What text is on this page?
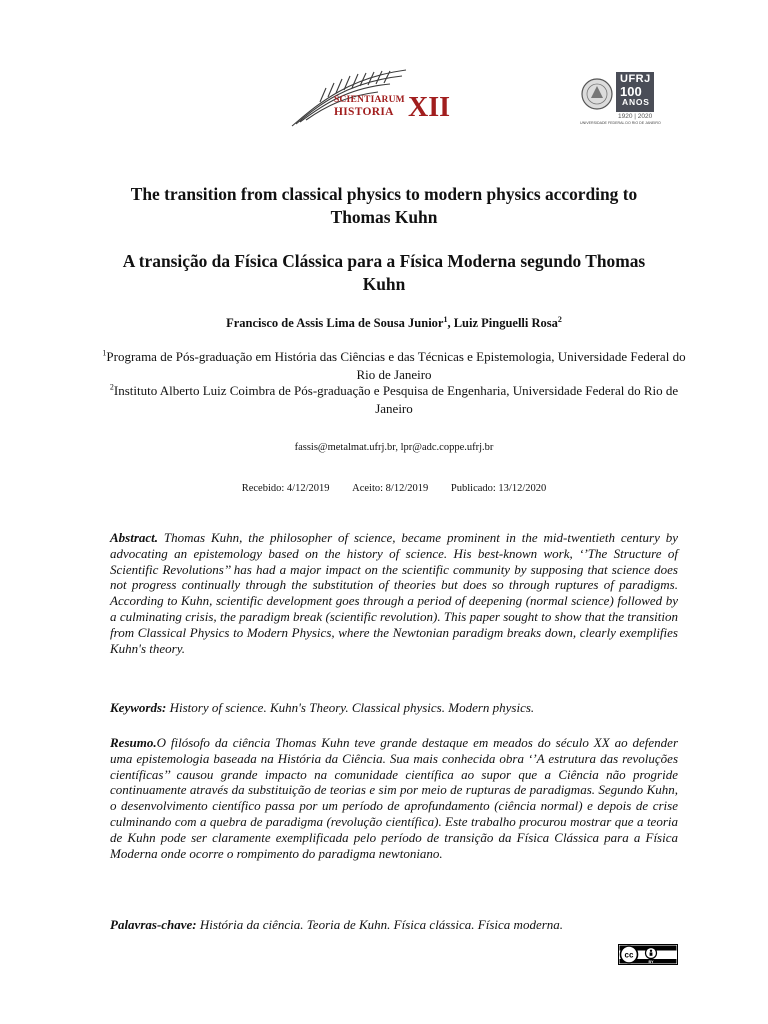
SCIENTIARUM
HISTORIA XII
UFRJ
100
ANOS
1920 | 2020
UNIVERSIDADE FEDERAL DO RIO DE JANEIRO
The transition from classical physics to modern physics according to Thomas Kuhn
A transição da Física Clássica para a Física Moderna segundo Thomas Kuhn
Francisco de Assis Lima de Sousa Junior$^1$, Luiz Pinguelli Rosa$^2$
$^1$Programa de Pós-graduação em História das Ciências e das Técnicas e Epistemologia, Universidade Federal do Rio de Janeiro
$^2$Instituto Alberto Luiz Coimbra de Pós-graduação e Pesquisa de Engenharia, Universidade Federal do Rio de Janeiro
fassis@metalmat.ufrj.br, lpr@adc.coppe.ufrj.br
Recebido: 4/12/2019 Aceito: 8/12/2019 Publicado: 13/12/2020
Abstract. Thomas Kuhn, the philosopher of science, became prominent in the mid-twentieth century by advocating an epistemology based on the history of science. His best-known work, ‘’The Structure of Scientific Revolutions’’ has had a major impact on the scientific community by supposing that science does not progress continually through the substitution of theories but does so through ruptures of paradigms. According to Kuhn, scientific development goes through a period of deepening (normal science) followed by a culminating crisis, the paradigm break (scientific revolution). This paper sought to show that the transition from Classical Physics to Modern Physics, where the Newtonian paradigm breaks down, clearly exemplifies Kuhn's theory.
Keywords: History of science. Kuhn's Theory. Classical physics. Modern physics.
Resumo.O filósofo da ciência Thomas Kuhn teve grande destaque em meados do século XX ao defender uma epistemologia baseada na História da Ciência. Sua mais conhecida obra ‘’A estrutura das revoluções científicas’’ causou grande impacto na comunidade científica ao supor que a Ciência não progride continuamente através da substituição de teorias e sim por meio de rupturas de paradigmas. Segundo Kuhn, o desenvolvimento científico passa por um período de aprofundamento (ciência normal) e depois de crise culminando com a quebra de paradigma (revolução científica). Este trabalho procurou mostrar que a teoria de Kuhn pode ser claramente exemplificada pelo período de transição da Física Clássica para a Física Moderna onde ocorre o rompimento do paradigma newtoniano.
Palavras-chave: História da ciência. Teoria de Kuhn. Física clássica. Física moderna.
cc
BY
